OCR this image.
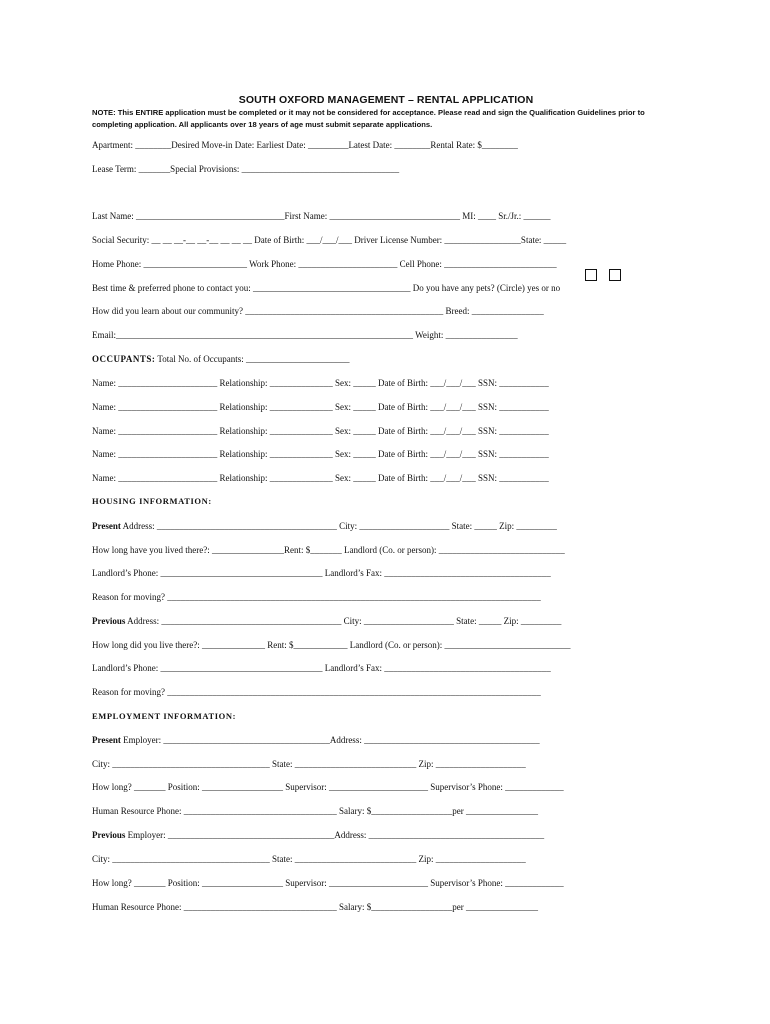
SOUTH OXFORD MANAGEMENT – RENTAL APPLICATION
NOTE: This ENTIRE application must be completed or it may not be considered for acceptance. Please read and sign the Qualification Guidelines prior to completing application. All applicants over 18 years of age must submit separate applications.
Apartment: ________Desired Move-in Date: Earliest Date: _________Latest Date: ________Rental Rate: $________
Lease Term: _______Special Provisions: ___________________________________
Last Name: _________________________________First Name: _____________________________ MI: ____ Sr./Jr.: ______
Social Security: __ __ __-__ __-__ __ __ __ Date of Birth: ___/___/___ Driver License Number: _________________State: _____
Home Phone: _______________________ Work Phone: ______________________ Cell Phone: _________________________
Best time & preferred phone to contact you: ___________________________________ Do you have any pets? (Circle) yes or no
How did you learn about our community? ____________________________________________ Breed: ________________
Email:__________________________________________________________________ Weight: ________________
OCCUPANTS: Total No. of Occupants: _______________________
Name: ______________________ Relationship: ______________ Sex: _____ Date of Birth: ___/___/___ SSN: ___________
Name: ______________________ Relationship: ______________ Sex: _____ Date of Birth: ___/___/___ SSN: ___________
Name: ______________________ Relationship: ______________ Sex: _____ Date of Birth: ___/___/___ SSN: ___________
Name: ______________________ Relationship: ______________ Sex: _____ Date of Birth: ___/___/___ SSN: ___________
Name: ______________________ Relationship: ______________ Sex: _____ Date of Birth: ___/___/___ SSN: ___________
HOUSING INFORMATION:
Present Address: ________________________________________ City: ____________________ State: _____ Zip: _________
How long have you lived there?: ________________Rent: $_______ Landlord (Co. or person): ____________________________
Landlord’s Phone: ____________________________________ Landlord’s Fax: _____________________________________
Reason for moving? ___________________________________________________________________________________
Previous Address: ________________________________________ City: ____________________ State: _____ Zip: _________
How long did you live there?: ______________ Rent: $____________ Landlord (Co. or person): ____________________________
Landlord’s Phone: ____________________________________ Landlord’s Fax: _____________________________________
Reason for moving? ___________________________________________________________________________________
EMPLOYMENT INFORMATION:
Present Employer: _____________________________________Address: _______________________________________
City: ___________________________________ State: ___________________________ Zip: ____________________
How long? _______ Position: __________________ Supervisor: ______________________ Supervisor’s Phone: _____________
Human Resource Phone: __________________________________ Salary: $__________________per ________________
Previous Employer: _____________________________________Address: _______________________________________
City: ___________________________________ State: ___________________________ Zip: ____________________
How long? _______ Position: __________________ Supervisor: ______________________ Supervisor’s Phone: _____________
Human Resource Phone: __________________________________ Salary: $__________________per ________________
